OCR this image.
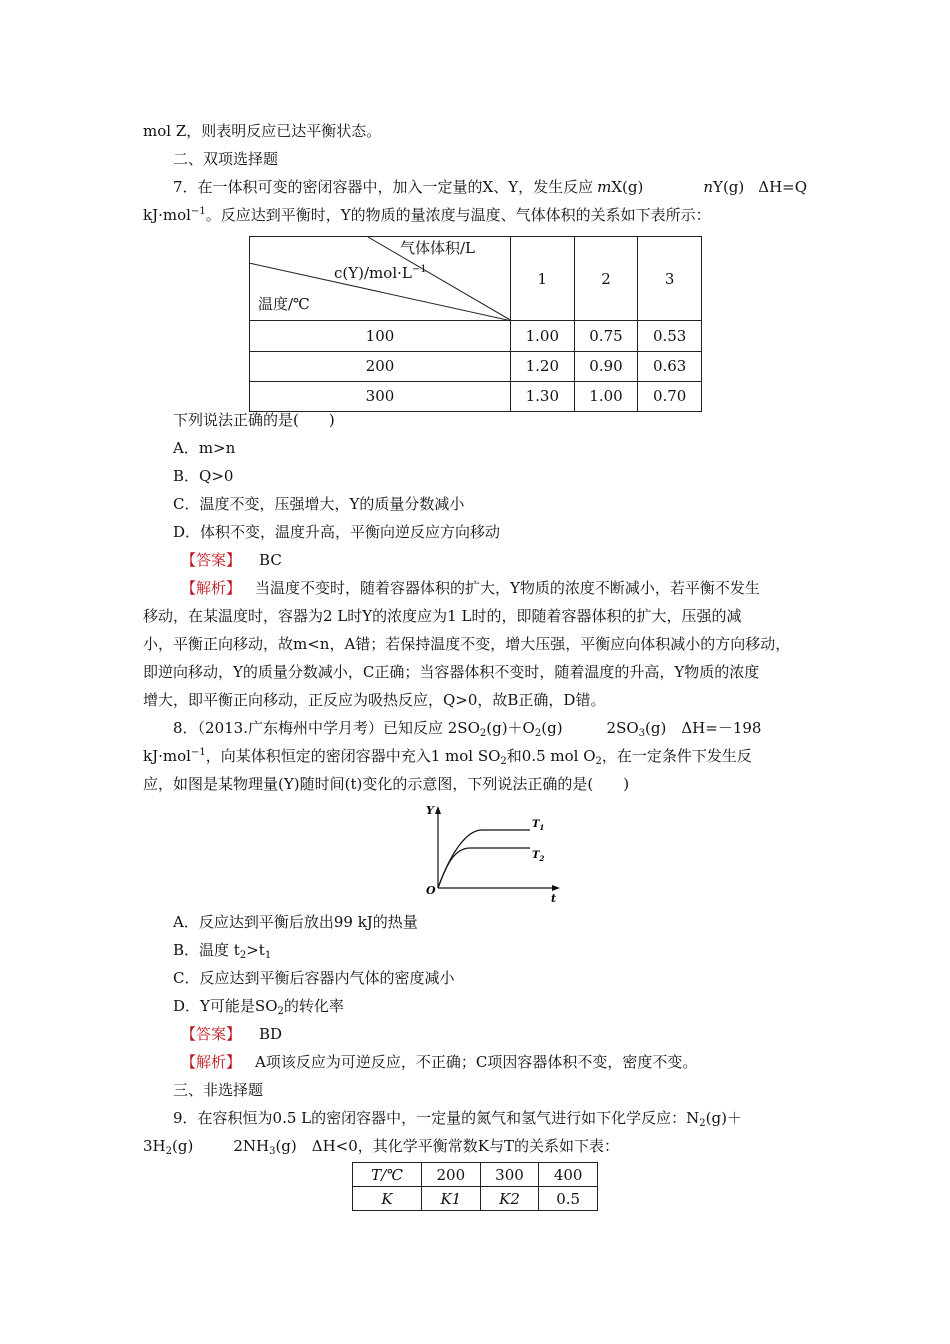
mol Z，则表明反应已达平衡状态。
二、双项选择题
7．在一体积可变的密闭容器中，加入一定量的X、Y，发生反应 mX(g)	nY(g) ΔH=Q
kJ·mol$^{-1}$。反应达到平衡时，Y的物质的量浓度与温度、气体体积的关系如下表所示：
气体体积/L
$c(Y)/mol\cdot L^{-1}$
温度/℃	1	2	3
100	1.00	0.75	0.53
200	1.20	0.90	0.63
300	1.30	1.00	0.70
下列说法正确的是(　　)
A．m>n
B．Q>0
C．温度不变，压强增大，Y的质量分数减小
D．体积不变，温度升高，平衡向逆反应方向移动
【答案】 BC
【解析】 当温度不变时，随着容器体积的扩大，Y物质的浓度不断减小，若平衡不发生
移动，在某温度时，容器为2 L时Y的浓度应为1 L时的，即随着容器体积的扩大，压强的减
小，平衡正向移动，故m<n，A错；若保持温度不变，增大压强，平衡应向体积减小的方向移动，
即逆向移动，Y的质量分数减小，C正确；当容器体积不变时，随着温度的升高，Y物质的浓度
增大，即平衡正向移动，正反应为吸热反应，Q>0，故B正确，D错。
8．（2013.广东梅州中学月考）已知反应 $2SO_2(g)+O_2(g)$	$2SO_3(g)$　ΔH=－198
kJ·mol$^{-1}$，向某体积恒定的密闭容器中充入1 mol $SO_2$和0.5 mol $O_2$，在一定条件下发生反
应，如图是某物理量(Y)随时间(t)变化的示意图，下列说法正确的是(　　)
Y
O
t
$T_1$
$T_2$
A．反应达到平衡后放出99 kJ的热量
B．温度 $t_2>t_1$
C．反应达到平衡后容器内气体的密度减小
D．Y可能是$SO_2$的转化率
【答案】 BD
【解析】 A项该反应为可逆反应，不正确；C项因容器体积不变，密度不变。
三、非选择题
9．在容积恒为0.5 L的密闭容器中，一定量的氮气和氢气进行如下化学反应：$N_2(g)+$
$3H_2(g)$	$2NH_3(g)$　ΔH<0，其化学平衡常数K与T的关系如下表：
T/℃	200	300	400
K	K1	K2	0.5
